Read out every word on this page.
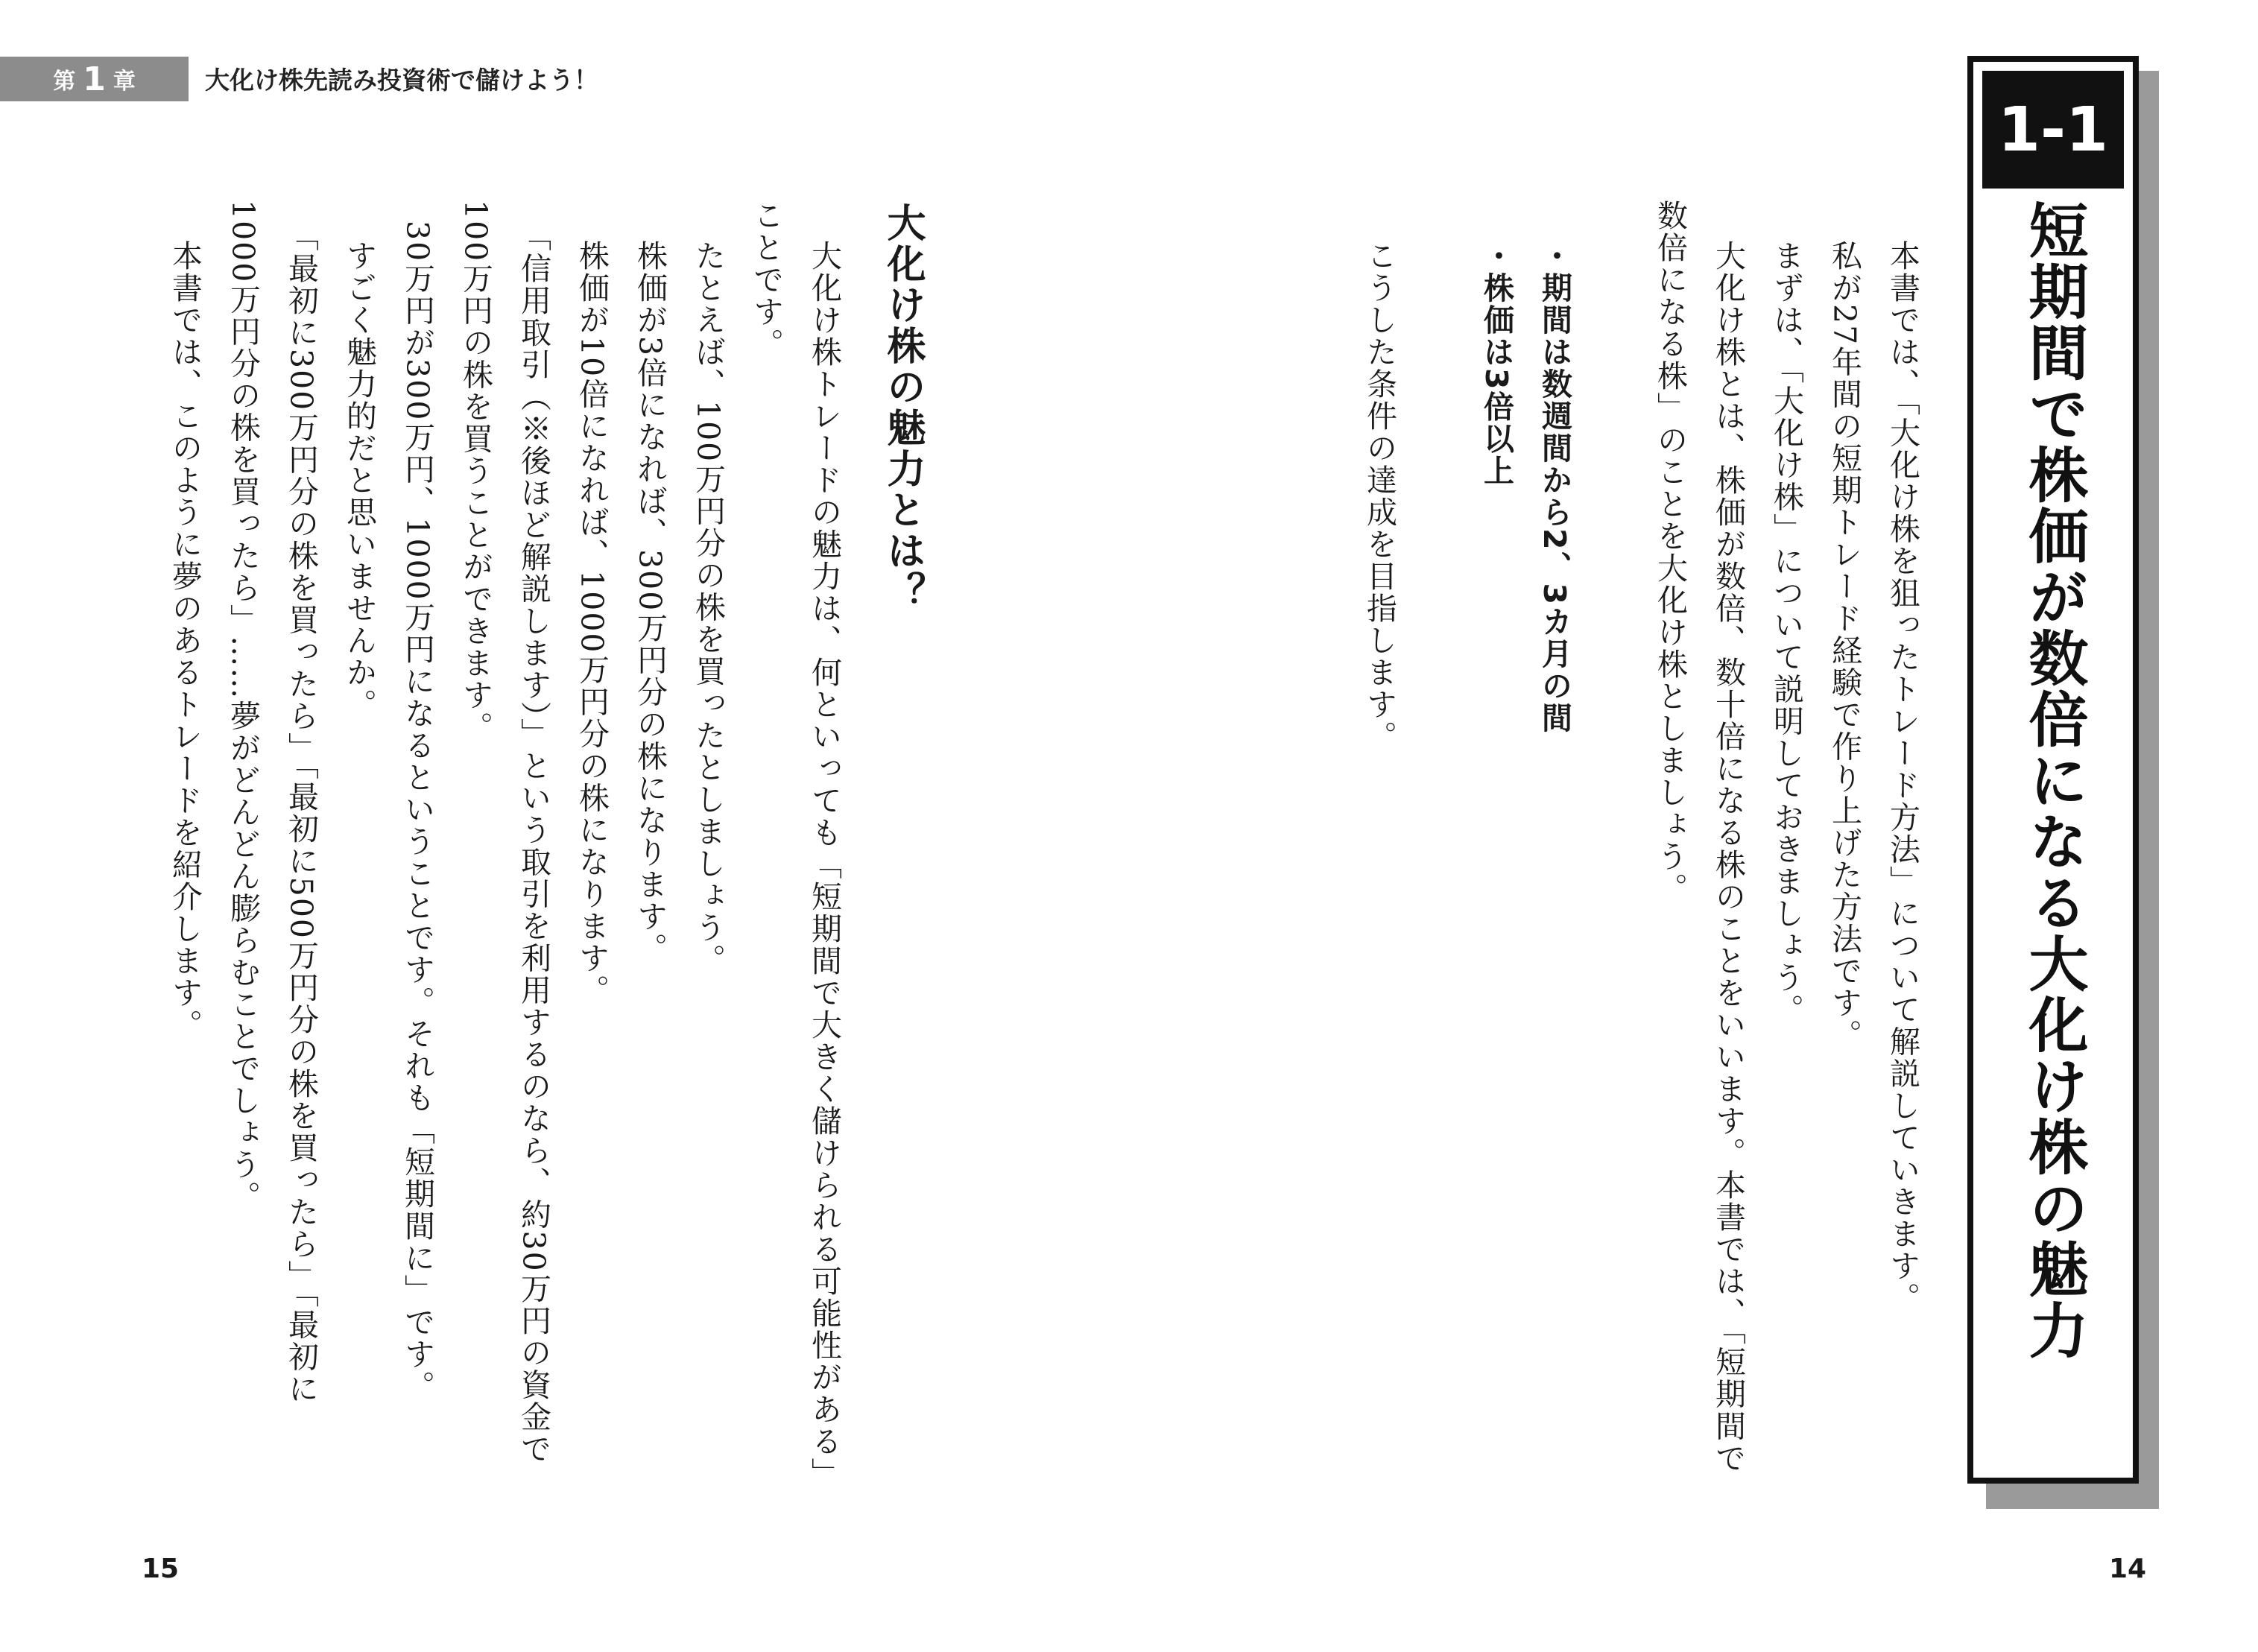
第 1 章	大化け株先読み投資術で儲けよう！
1-1
短期間で株価が数倍になる大化け株の魅力
本書では、「大化け株を狙ったトレード方法」について解説していきます。
私が27年間の短期トレード経験で作り上げた方法です。
まずは、「大化け株」について説明しておきましょう。
大化け株とは、株価が数倍、数十倍になる株のことをいいます。本書では、「短期間で
数倍になる株」のことを大化け株としましょう。
・期間は数週間から2、3カ月の間
・株価は3倍以上
こうした条件の達成を目指します。
大化け株の魅力とは？
大化け株トレードの魅力は、何といっても「短期間で大きく儲けられる可能性がある」
ことです。
たとえば、100万円分の株を買ったとしましょう。
株価が3倍になれば、300万円分の株になります。
株価が10倍になれば、1000万円分の株になります。
「信用取引（※後ほど解説します）」という取引を利用するのなら、約30万円の資金で
100万円の株を買うことができます。
30万円が300万円、1000万円になるということです。それも「短期間に」です。
すごく魅力的だと思いませんか。
「最初に300万円分の株を買ったら」「最初に500万円分の株を買ったら」「最初に
1000万円分の株を買ったら」……夢がどんどん膨らむことでしょう。
本書では、このように夢のあるトレードを紹介します。
15	14
